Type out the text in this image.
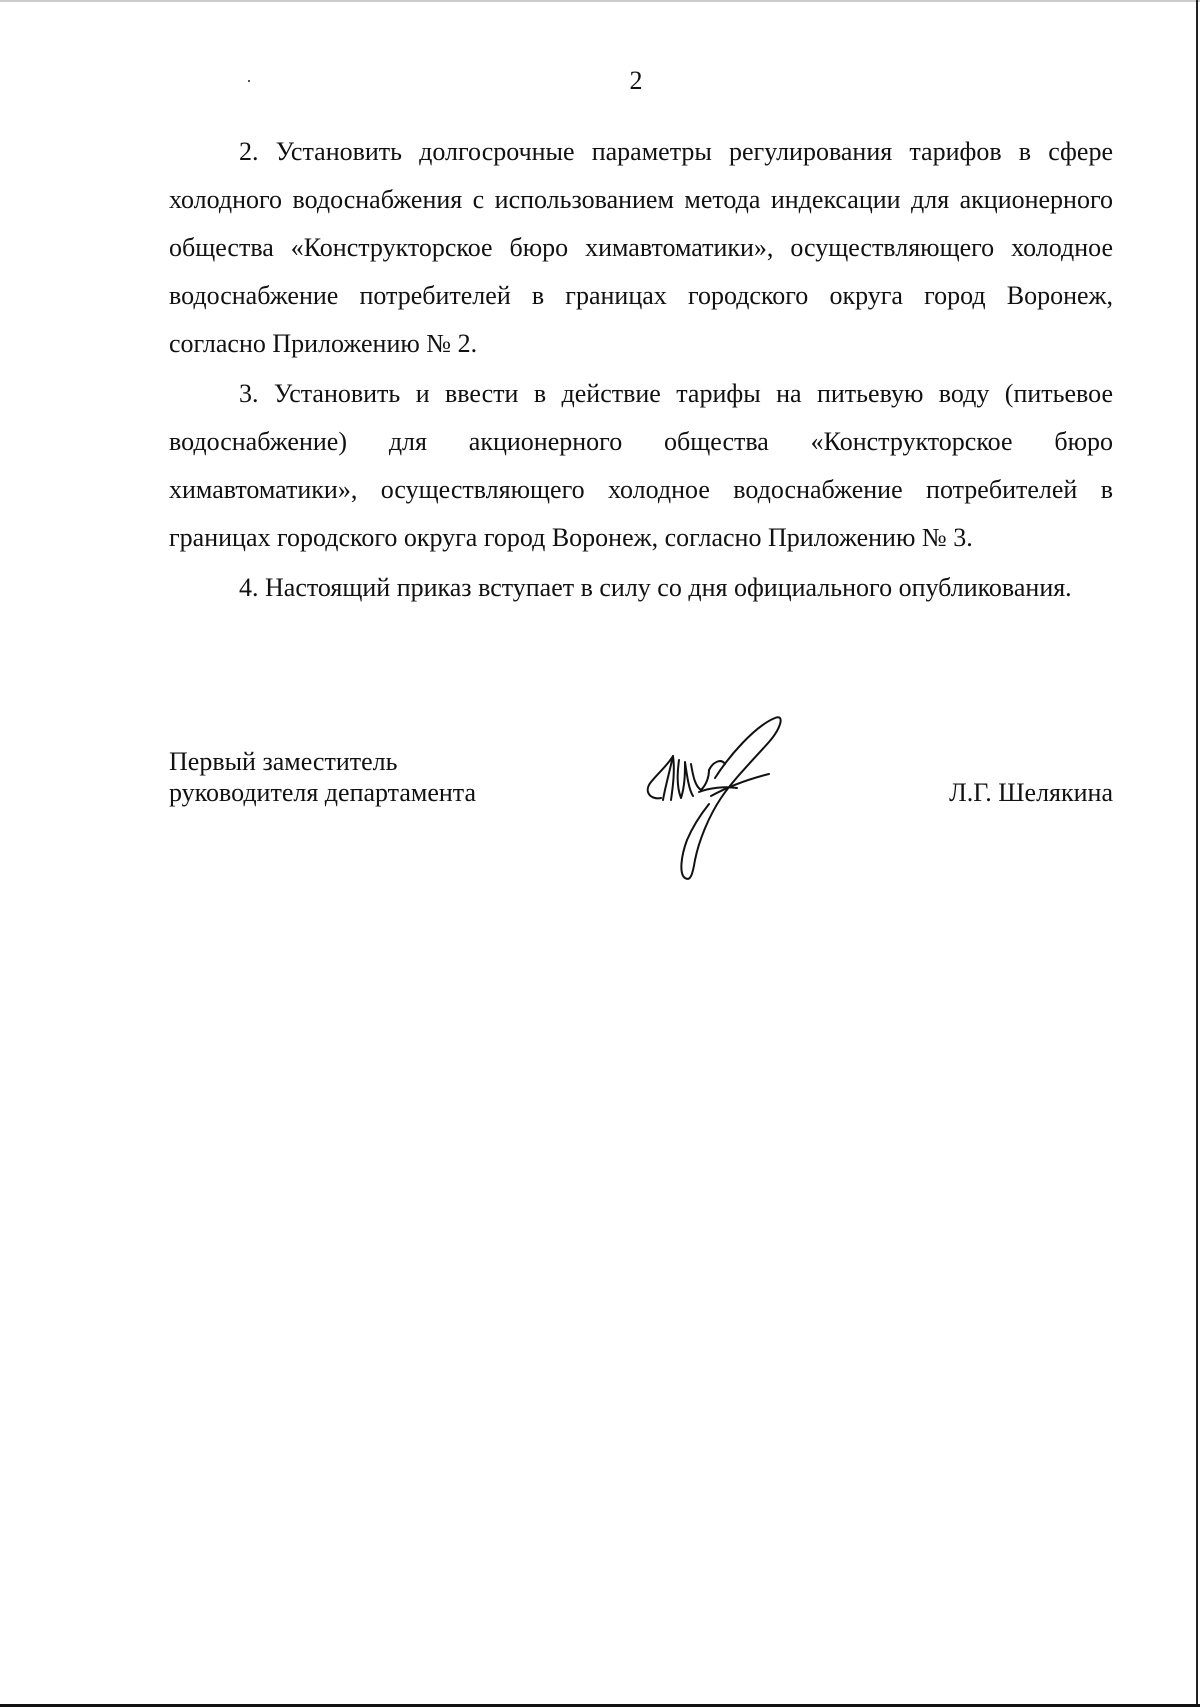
2

2. Установить долгосрочные параметры регулирования тарифов в сфере холодного водоснабжения с использованием метода индексации для акционерного общества «Конструкторское бюро химавтоматики», осуществляющего холодное водоснабжение потребителей в границах городского округа город Воронеж, согласно Приложению № 2.

3. Установить и ввести в действие тарифы на питьевую воду (питьевое водоснабжение) для акционерного общества «Конструкторское бюро химавтоматики», осуществляющего холодное водоснабжение потребителей в границах городского округа город Воронеж, согласно Приложению № 3.

4. Настоящий приказ вступает в силу со дня официального опубликования.

Первый заместитель
руководителя департамента	Л.Г. Шелякина
